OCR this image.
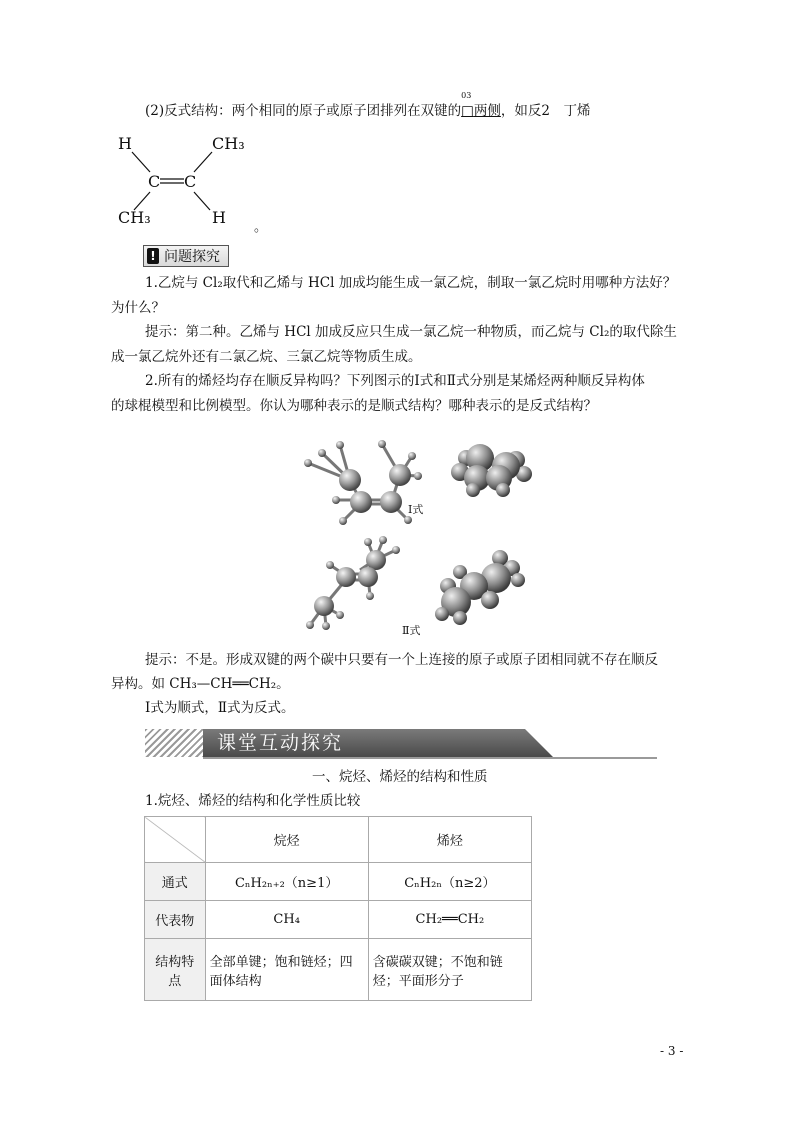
(2)反式结构：两个相同的原子或原子团排列在双键的
03
□两侧，如反2　丁烯
H	CH₃
C C
CH₃	H
。
! 问题探究
1.乙烷与 Cl₂取代和乙烯与 HCl 加成均能生成一氯乙烷，制取一氯乙烷时用哪种方法好？
为什么？
提示：第二种。乙烯与 HCl 加成反应只生成一氯乙烷一种物质，而乙烷与 Cl₂的取代除生
成一氯乙烷外还有二氯乙烷、三氯乙烷等物质生成。
2.所有的烯烃均存在顺反异构吗？下列图示的Ⅰ式和Ⅱ式分别是某烯烃两种顺反异构体
的球棍模型和比例模型。你认为哪种表示的是顺式结构？哪种表示的是反式结构？
Ⅰ式
Ⅱ式
提示：不是。形成双键的两个碳中只要有一个上连接的原子或原子团相同就不存在顺反
异构。如 CH₃—CH══CH₂。
Ⅰ式为顺式，Ⅱ式为反式。
课堂互动探究
一、烷烃、烯烃的结构和性质
1.烷烃、烯烃的结构和化学性质比较
	烷烃	烯烃
通式	CₙH₂ₙ₊₂（n≥1）	CₙH₂ₙ（n≥2）
代表物	CH₄	CH₂══CH₂
结构特点	全部单键；饱和链烃；四面体结构	含碳碳双键；不饱和链烃；平面形分子
- 3 -
